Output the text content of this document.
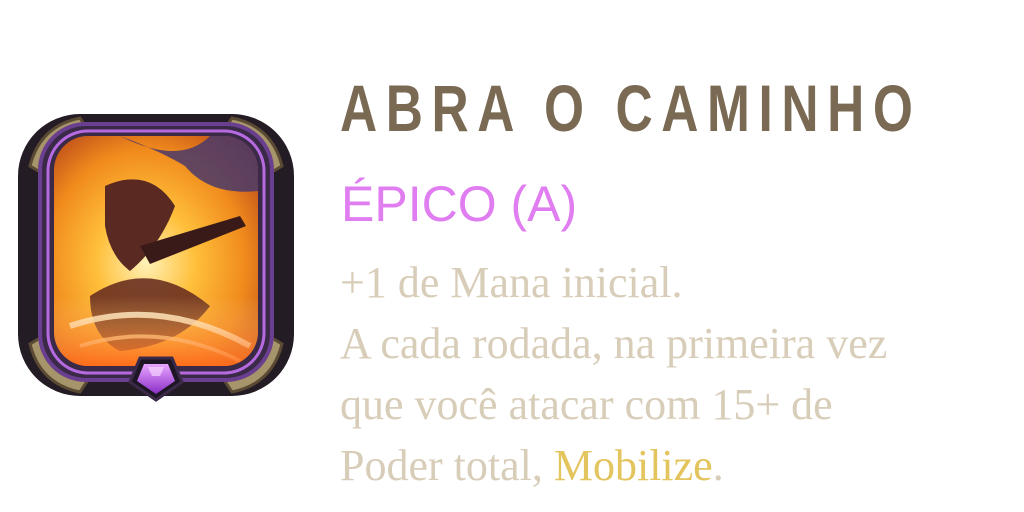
ABRA O CAMINHO
ÉPICO (A)
+1 de Mana inicial.
A cada rodada, na primeira vez
que você atacar com 15+ de
Poder total, Mobilize.
